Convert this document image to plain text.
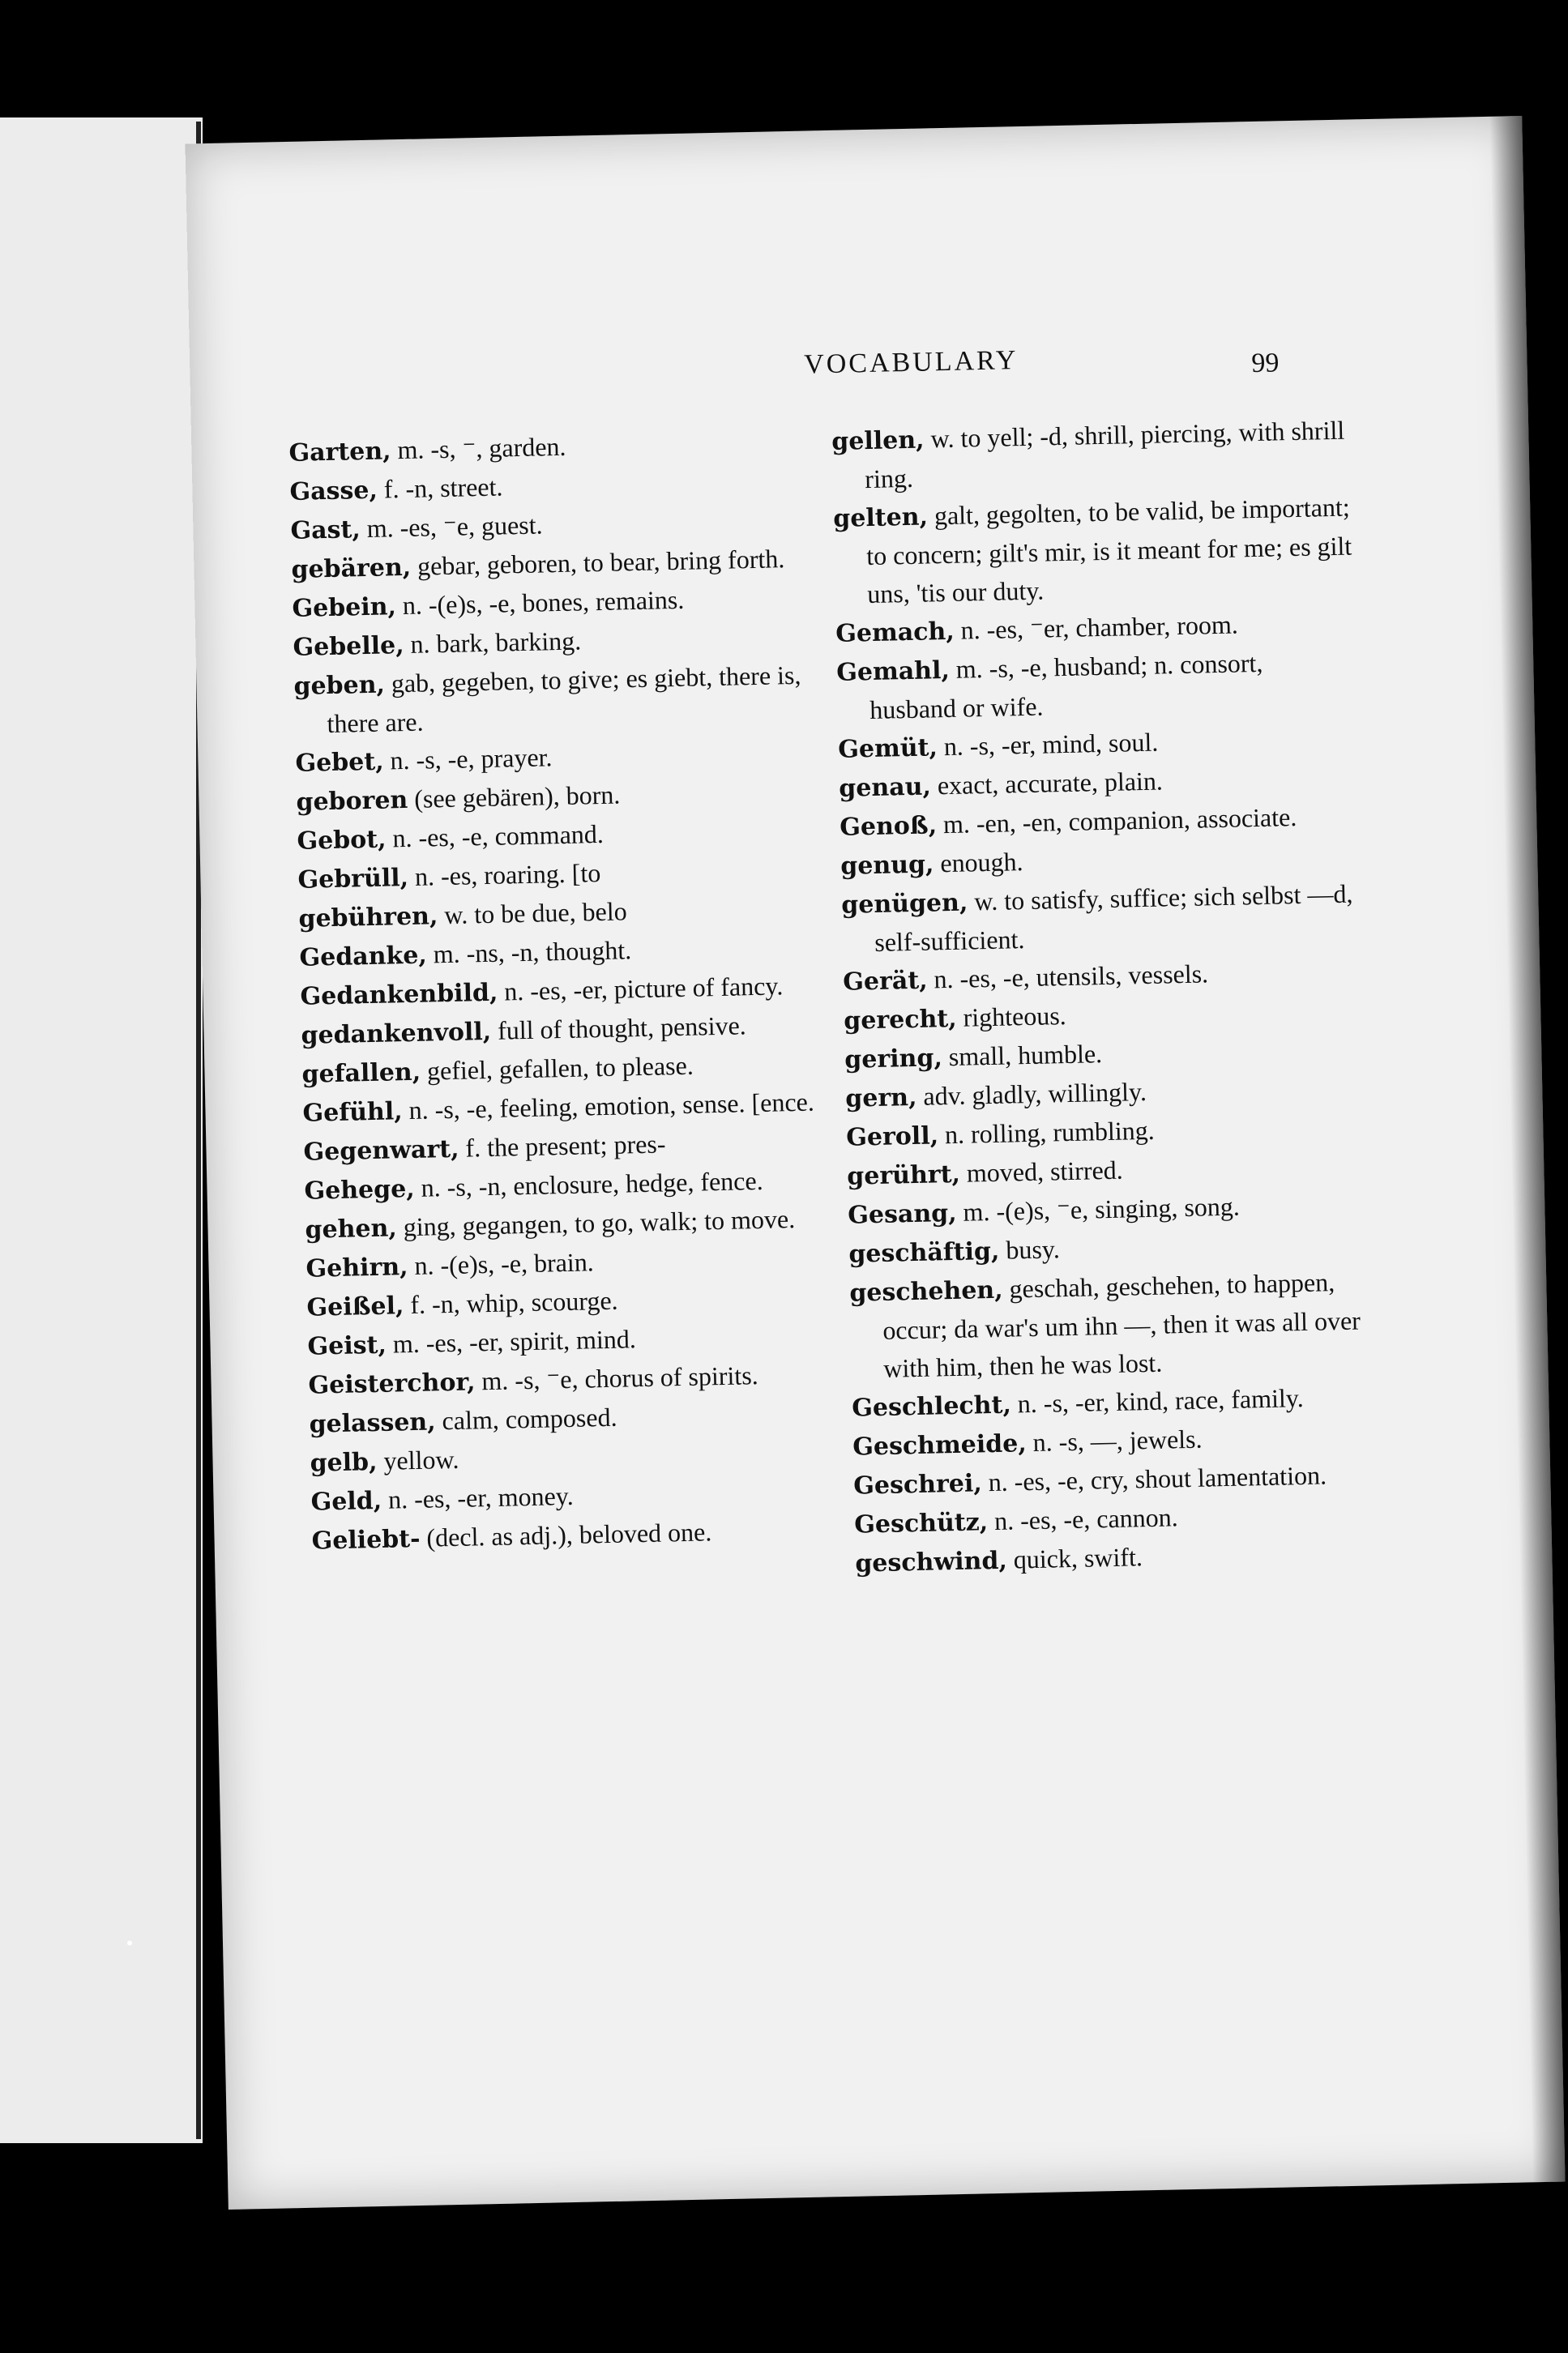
VOCABULARY	99

Garten, m. -s, ⁻, garden.

Gasse, f. -n, street.

Gast, m. -es, ⁻e, guest.

gebären, gebar, geboren, to bear, bring forth.

Gebein, n. -(e)s, -e, bones, remains.

Gebelle, n. bark, barking.

geben, gab, gegeben, to give; es giebt, there is, there are.

Gebet, n. -s, -e, prayer.

geboren (see gebären), born.

Gebot, n. -es, -e, command.

Gebrüll, n. -es, roaring. [to

gebühren, w. to be due, belo

Gedanke, m. -ns, -n, thought.

Gedankenbild, n. -es, -er, picture of fancy.

gedankenvoll, full of thought, pensive.

gefallen, gefiel, gefallen, to please.

Gefühl, n. -s, -e, feeling, emotion, sense. [ence.

Gegenwart, f. the present; pres-

Gehege, n. -s, -n, enclosure, hedge, fence.

gehen, ging, gegangen, to go, walk; to move.

Gehirn, n. -(e)s, -e, brain.

Geißel, f. -n, whip, scourge.

Geist, m. -es, -er, spirit, mind.

Geisterchor, m. -s, ⁻e, chorus of spirits.

gelassen, calm, composed.

gelb, yellow.

Geld, n. -es, -er, money.

Geliebt- (decl. as adj.), beloved one.

gellen, w. to yell; -d, shrill, piercing, with shrill ring.

gelten, galt, gegolten, to be valid, be important; to concern; gilt's mir, is it meant for me; es gilt uns, 'tis our duty.

Gemach, n. -es, ⁻er, chamber, room.

Gemahl, m. -s, -e, husband; n. consort, husband or wife.

Gemüt, n. -s, -er, mind, soul.

genau, exact, accurate, plain.

Genoß, m. -en, -en, companion, associate.

genug, enough.

genügen, w. to satisfy, suffice; sich selbst —d, self-sufficient.

Gerät, n. -es, -e, utensils, vessels.

gerecht, righteous.

gering, small, humble.

gern, adv. gladly, willingly.

Geroll, n. rolling, rumbling.

gerührt, moved, stirred.

Gesang, m. -(e)s, ⁻e, singing, song.

geschäftig, busy.

geschehen, geschah, geschehen, to happen, occur; da war's um ihn —, then it was all over with him, then he was lost.

Geschlecht, n. -s, -er, kind, race, family.

Geschmeide, n. -s, —, jewels.

Geschrei, n. -es, -e, cry, shout lamentation.

Geschütz, n. -es, -e, cannon.

geschwind, quick, swift.
